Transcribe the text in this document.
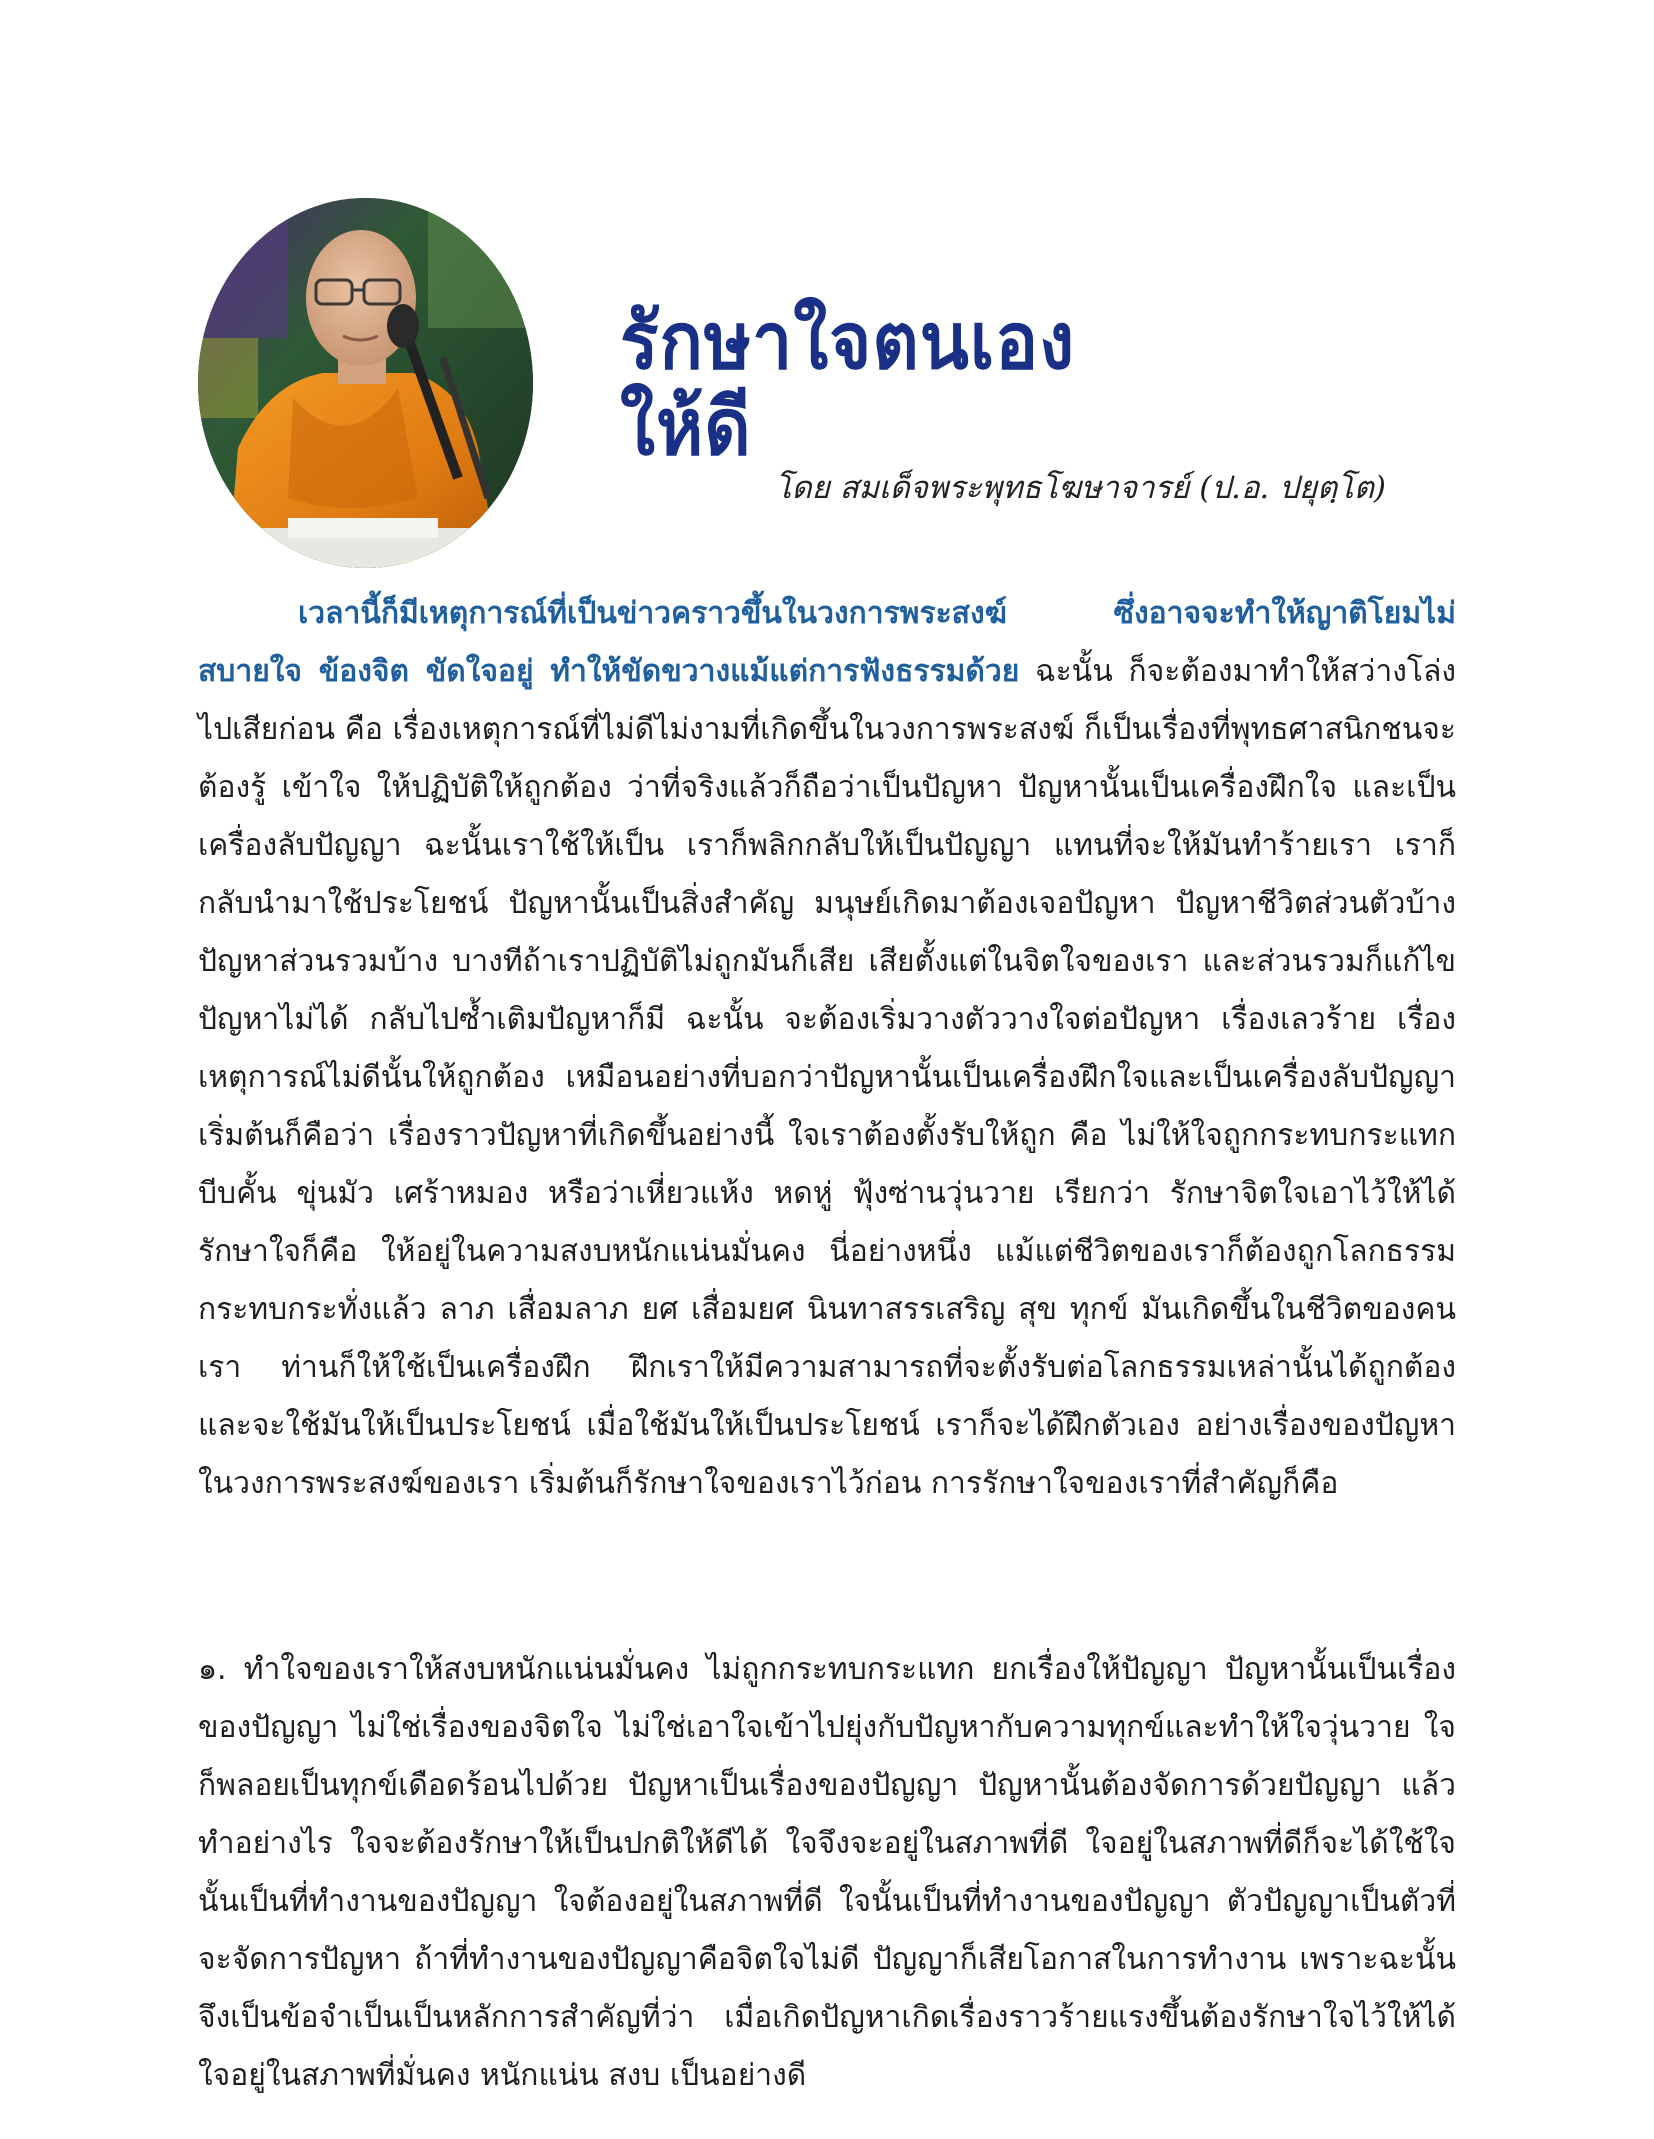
รักษาใจตนเองให้ดี
โดย สมเด็จพระพุทธโฆษาจารย์ (ป.อ. ปยุตฺโต)
เวลานี้ก็มีเหตุการณ์ที่เป็นข่าวคราวขึ้นในวงการพระสงฆ์ ซึ่งอาจจะทำให้ญาติโยมไม่สบายใจ ข้องจิต ขัดใจอยู่ ทำให้ขัดขวางแม้แต่การฟังธรรมด้วย ฉะนั้น ก็จะต้องมาทำให้สว่างโล่งไปเสียก่อน คือ เรื่องเหตุการณ์ที่ไม่ดีไม่งามที่เกิดขึ้นในวงการพระสงฆ์ ก็เป็นเรื่องที่พุทธศาสนิกชนจะต้องรู้ เข้าใจ ให้ปฏิบัติให้ถูกต้อง ว่าที่จริงแล้วก็ถือว่าเป็นปัญหา ปัญหานั้นเป็นเครื่องฝึกใจ และเป็นเครื่องลับปัญญา ฉะนั้นเราใช้ให้เป็น เราก็พลิกกลับให้เป็นปัญญา แทนที่จะให้มันทำร้ายเรา เราก็กลับนำมาใช้ประโยชน์ ปัญหานั้นเป็นสิ่งสำคัญ มนุษย์เกิดมาต้องเจอปัญหา ปัญหาชีวิตส่วนตัวบ้าง ปัญหาส่วนรวมบ้าง บางทีถ้าเราปฏิบัติไม่ถูกมันก็เสีย เสียตั้งแต่ในจิตใจของเรา และส่วนรวมก็แก้ไขปัญหาไม่ได้ กลับไปซ้ำเติมปัญหาก็มี ฉะนั้น จะต้องเริ่มวางตัววางใจต่อปัญหา เรื่องเลวร้าย เรื่องเหตุการณ์ไม่ดีนั้นให้ถูกต้อง เหมือนอย่างที่บอกว่าปัญหานั้นเป็นเครื่องฝึกใจและเป็นเครื่องลับปัญญา เริ่มต้นก็คือว่า เรื่องราวปัญหาที่เกิดขึ้นอย่างนี้ ใจเราต้องตั้งรับให้ถูก คือ ไม่ให้ใจถูกกระทบกระแทกบีบคั้น ขุ่นมัว เศร้าหมอง หรือว่าเหี่ยวแห้ง หดหู่ ฟุ้งซ่านวุ่นวาย เรียกว่า รักษาจิตใจเอาไว้ให้ได้ รักษาใจก็คือ ให้อยู่ในความสงบหนักแน่นมั่นคง นี่อย่างหนึ่ง แม้แต่ชีวิตของเราก็ต้องถูกโลกธรรมกระทบกระทั่งแล้ว ลาภ เสื่อมลาภ ยศ เสื่อมยศ นินทาสรรเสริญ สุข ทุกข์ มันเกิดขึ้นในชีวิตของคนเรา ท่านก็ให้ใช้เป็นเครื่องฝึก ฝึกเราให้มีความสามารถที่จะตั้งรับต่อโลกธรรมเหล่านั้นได้ถูกต้อง และจะใช้มันให้เป็นประโยชน์ เมื่อใช้มันให้เป็นประโยชน์ เราก็จะได้ฝึกตัวเอง อย่างเรื่องของปัญหาในวงการพระสงฆ์ของเรา เริ่มต้นก็รักษาใจของเราไว้ก่อน การรักษาใจของเราที่สำคัญก็คือ
๑. ทำใจของเราให้สงบหนักแน่นมั่นคง ไม่ถูกกระทบกระแทก ยกเรื่องให้ปัญญา ปัญหานั้นเป็นเรื่องของปัญญา ไม่ใช่เรื่องของจิตใจ ไม่ใช่เอาใจเข้าไปยุ่งกับปัญหากับความทุกข์และทำให้ใจวุ่นวาย ใจก็พลอยเป็นทุกข์เดือดร้อนไปด้วย ปัญหาเป็นเรื่องของปัญญา ปัญหานั้นต้องจัดการด้วยปัญญา แล้วทำอย่างไร ใจจะต้องรักษาให้เป็นปกติให้ดีได้ ใจจึงจะอยู่ในสภาพที่ดี ใจอยู่ในสภาพที่ดีก็จะได้ใช้ใจนั้นเป็นที่ทำงานของปัญญา ใจต้องอยู่ในสภาพที่ดี ใจนั้นเป็นที่ทำงานของปัญญา ตัวปัญญาเป็นตัวที่จะจัดการปัญหา ถ้าที่ทำงานของปัญญาคือจิตใจไม่ดี ปัญญาก็เสียโอกาสในการทำงาน เพราะฉะนั้น จึงเป็นข้อจำเป็นเป็นหลักการสำคัญที่ว่า เมื่อเกิดปัญหาเกิดเรื่องราวร้ายแรงขึ้นต้องรักษาใจไว้ให้ได้ ใจอยู่ในสภาพที่มั่นคง หนักแน่น สงบ เป็นอย่างดี
